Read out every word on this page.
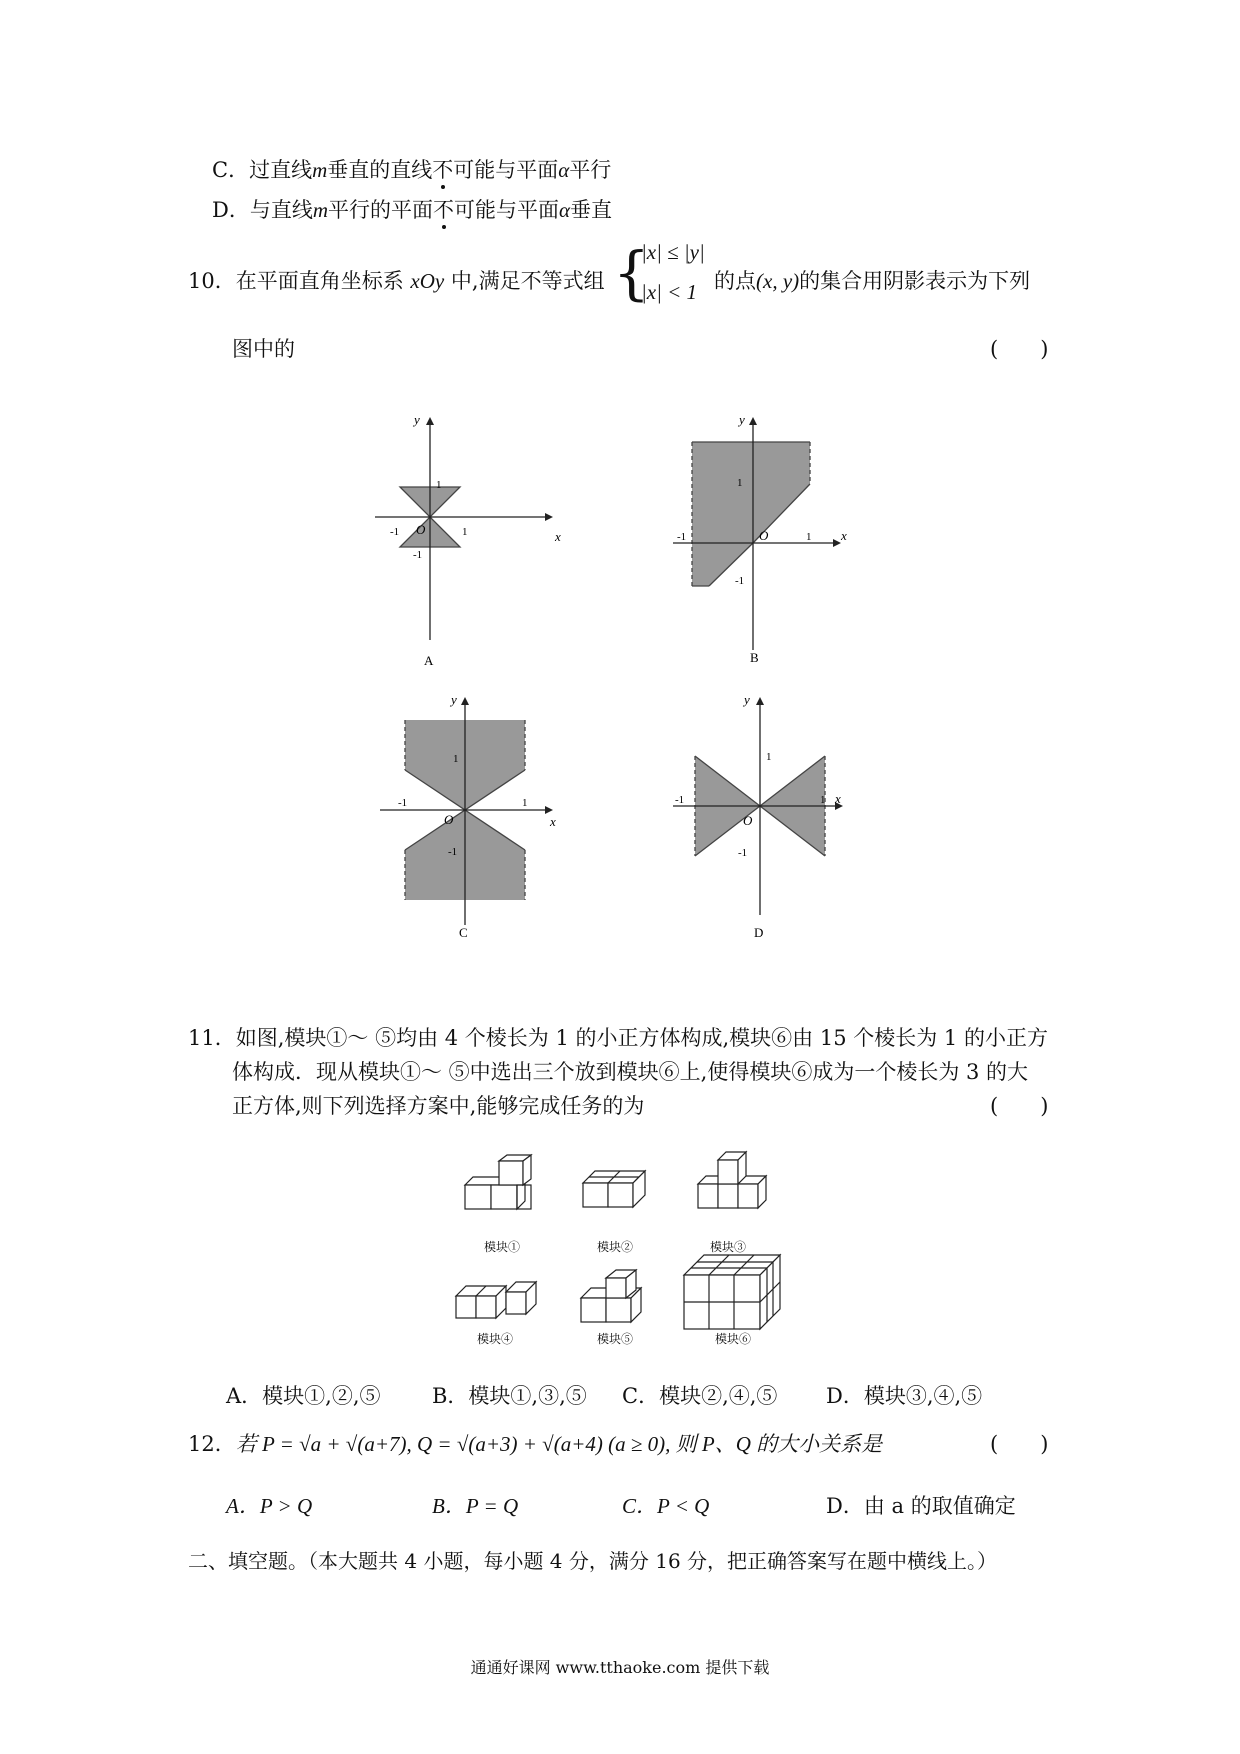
C．过直线m垂直的直线不可能与平面α平行
D．与直线m平行的平面不可能与平面α垂直
10．在平面直角坐标系 xOy 中,满足不等式组 {
|x| ≤ |y|
|x| < 1 的点(x, y)的集合用阴影表示为下列
图中的	(　　)
x
y
1
-1	1
-1
O
A
x
y
1
-1	1
-1
O
B
x
y
1
-1	1
-1
O
C
x
y
1
-1	1
-1
O
D
11．如图,模块①～ ⑤均由 4 个棱长为 1 的小正方体构成,模块⑥由 15 个棱长为 1 的小正方
体构成．现从模块①～ ⑤中选出三个放到模块⑥上,使得模块⑥成为一个棱长为 3 的大
正方体,则下列选择方案中,能够完成任务的为	(　　)
模块①	模块②	模块③
模块④	模块⑤	模块⑥
A．模块①,②,⑤ B．模块①,③,⑤ C．模块②,④,⑤ D．模块③,④,⑤
12．若 P = √a + √(a+7), Q = √(a+3) + √(a+4) (a ≥ 0), 则 P、Q 的大小关系是	(　　)
A．P > Q	B．P = Q	C．P < Q	D．由 a 的取值确定
二、填空题。（本大题共 4 小题，每小题 4 分，满分 16 分，把正确答案写在题中横线上。）
通通好课网 www.tthaoke.com 提供下载
